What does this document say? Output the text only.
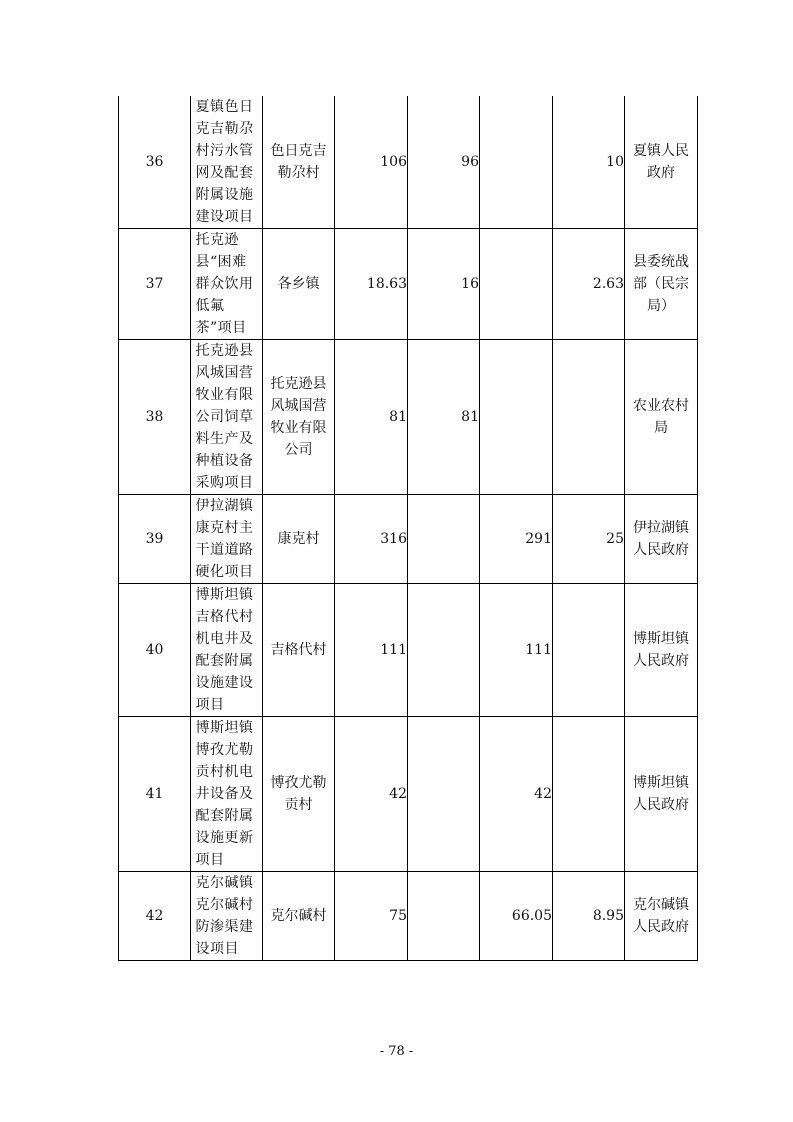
36	夏镇色日克吉勒尕村污水管网及配套附属设施建设项目	色日克吉勒尕村	106	96		10	夏镇人民政府
37	托克逊县“困难群众饮用低氟茶”项目	各乡镇	18.63	16		2.63	县委统战部（民宗局）
38	托克逊县风城国营牧业有限公司饲草料生产及种植设备采购项目	托克逊县风城国营牧业有限公司	81	81			农业农村局
39	伊拉湖镇康克村主干道道路硬化项目	康克村	316		291	25	伊拉湖镇人民政府
40	博斯坦镇吉格代村机电井及配套附属设施建设项目	吉格代村	111		111		博斯坦镇人民政府
41	博斯坦镇博孜尤勒贡村机电井设备及配套附属设施更新项目	博孜尤勒贡村	42		42		博斯坦镇人民政府
42	克尔碱镇克尔碱村防渗渠建设项目	克尔碱村	75		66.05	8.95	克尔碱镇人民政府
- 78 -
